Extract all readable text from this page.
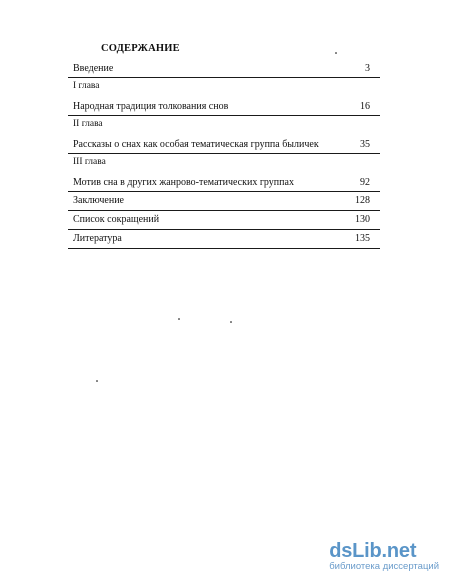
СОДЕРЖАНИЕ
Введение	3
I глава
Народная традиция толкования снов	16
II глава
Рассказы о снах как особая тематическая группа быличек	35
III глава
Мотив сна в других жанрово-тематических группах	92
Заключение	128
Список сокращений	130
Литература	135
dsLib.net
библиотека диссертаций
